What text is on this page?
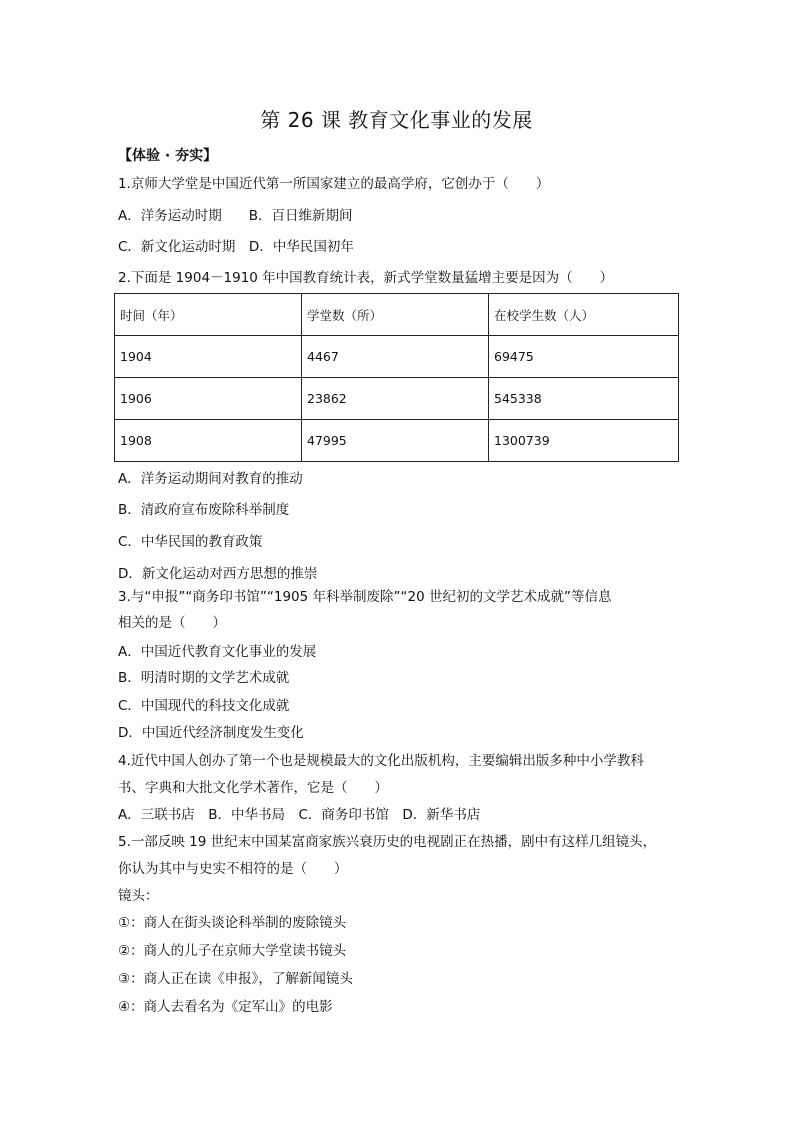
第 26 课 教育文化事业的发展
【体验 · 夯实】
1.京师大学堂是中国近代第一所国家建立的最高学府，它创办于（　　）
A．洋务运动时期　　B．百日维新期间
C．新文化运动时期　D．中华民国初年
2.下面是 1904－1910 年中国教育统计表，新式学堂数量猛增主要是因为（　　）
时间（年）	学堂数（所）	在校学生数（人）
1904	4467	69475
1906	23862	545338
1908	47995	1300739
A．洋务运动期间对教育的推动
B．清政府宣布废除科举制度
C．中华民国的教育政策
D．新文化运动对西方思想的推崇
3.与“申报”“商务印书馆”“1905 年科举制废除”“20 世纪初的文学艺术成就”等信息
相关的是（　　）
A．中国近代教育文化事业的发展
B．明清时期的文学艺术成就
C．中国现代的科技文化成就
D．中国近代经济制度发生变化
4.近代中国人创办了第一个也是规模最大的文化出版机构，主要编辑出版多种中小学教科
书、字典和大批文化学术著作，它是（　　）
A．三联书店　B．中华书局　C．商务印书馆　D．新华书店
5.一部反映 19 世纪末中国某富商家族兴衰历史的电视剧正在热播，剧中有这样几组镜头，
你认为其中与史实不相符的是（　　）
镜头：
①：商人在街头谈论科举制的废除镜头
②：商人的儿子在京师大学堂读书镜头
③：商人正在读《申报》，了解新闻镜头
④：商人去看名为《定军山》的电影
